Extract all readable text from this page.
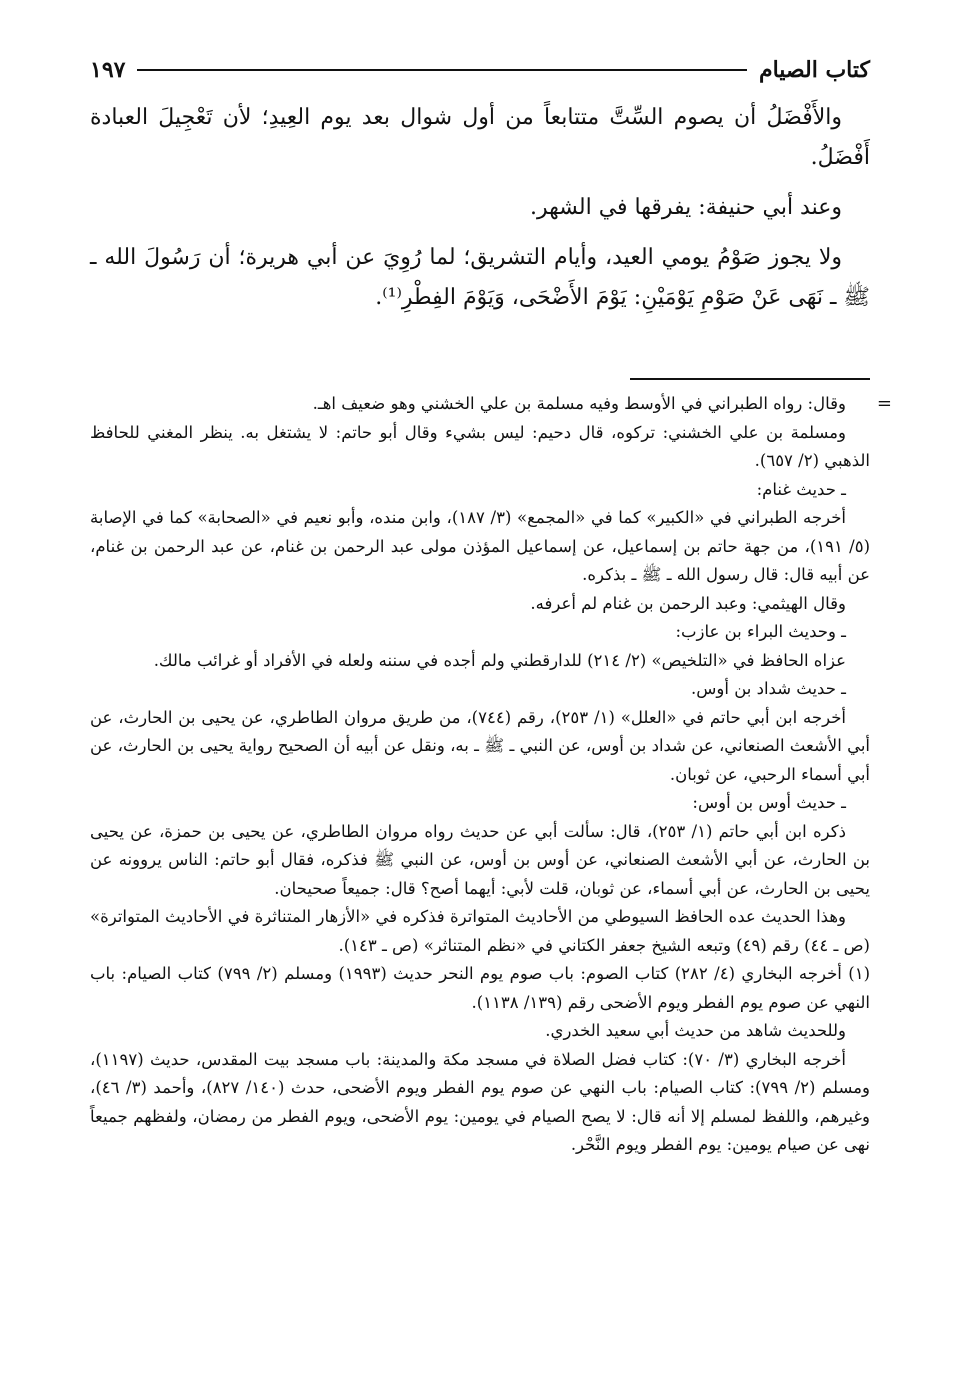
كتاب الصيام
١٩٧

والأَفْضَلُ أن يصوم السِّتَّ متتابعاً من أول شوال بعد يوم العِيدِ؛ لأن تَعْجِيلَ العبادة أَفْضَلُ.

وعند أبي حنيفة: يفرقها في الشهر.

ولا يجوز صَوْمُ يومي العيد، وأيام التشريق؛ لما رُوِيَ عن أبي هريرة؛ أن رَسُولَ الله ـ ﷺ ـ نَهَى عَنْ صَوْمِ يَوْمَيْنِ: يَوْمَ الأَضْحَى، وَيَوْمَ الفِطْرِ⁽¹⁾.

=

وقال: رواه الطبراني في الأوسط وفيه مسلمة بن علي الخشني وهو ضعيف اهـ.

ومسلمة بن علي الخشني: تركوه، قال دحيم: ليس بشيء وقال أبو حاتم: لا يشتغل به. ينظر المغني للحافظ الذهبي (٢/ ٦٥٧).

ـ حديث غنام:

أخرجه الطبراني في «الكبير» كما في «المجمع» (٣/ ١٨٧)، وابن منده، وأبو نعيم في «الصحابة» كما في الإصابة (٥/ ١٩١)، من جهة حاتم بن إسماعيل، عن إسماعيل المؤذن مولى عبد الرحمن بن غنام، عن عبد الرحمن بن غنام، عن أبيه قال: قال رسول الله ـ ﷺ ـ بذكره.

وقال الهيثمي: وعبد الرحمن بن غنام لم أعرفه.

ـ وحديث البراء بن عازب:

عزاه الحافظ في «التلخيص» (٢/ ٢١٤) للدارقطني ولم أجده في سننه ولعله في الأفراد أو غرائب مالك.

ـ حديث شداد بن أوس.

أخرجه ابن أبي حاتم في «العلل» (١/ ٢٥٣)، رقم (٧٤٤)، من طريق مروان الطاطري، عن يحيى بن الحارث، عن أبي الأشعث الصنعاني، عن شداد بن أوس، عن النبي ـ ﷺ ـ به، ونقل عن أبيه أن الصحيح رواية يحيى بن الحارث، عن أبي أسماء الرحبي، عن ثوبان.

ـ حديث أوس بن أوس:

ذكره ابن أبي حاتم (١/ ٢٥٣)، قال: سألت أبي عن حديث رواه مروان الطاطري، عن يحيى بن حمزة، عن يحيى بن الحارث، عن أبي الأشعث الصنعاني، عن أوس بن أوس، عن النبي ﷺ فذكره، فقال أبو حاتم: الناس يروونه عن يحيى بن الحارث، عن أبي أسماء، عن ثوبان، قلت لأبي: أيهما أصح؟ قال: جميعاً صحيحان.

وهذا الحديث عده الحافظ السيوطي من الأحاديث المتواترة فذكره في «الأزهار المتناثرة في الأحاديث المتواترة» (ص ـ ٤٤) رقم (٤٩) وتبعه الشيخ جعفر الكتاني في «نظم المتناثر» (ص ـ ١٤٣).

(١) أخرجه البخاري (٤/ ٢٨٢) كتاب الصوم: باب صوم يوم النحر حديث (١٩٩٣) ومسلم (٢/ ٧٩٩) كتاب الصيام: باب النهي عن صوم يوم الفطر ويوم الأضحى رقم (١٣٩/ ١١٣٨).

وللحديث شاهد من حديث أبي سعيد الخدري.

أخرجه البخاري (٣/ ٧٠): كتاب فضل الصلاة في مسجد مكة والمدينة: باب مسجد بيت المقدس، حديث (١١٩٧)، ومسلم (٢/ ٧٩٩): كتاب الصيام: باب النهي عن صوم يوم الفطر ويوم الأضحى، حدث (١٤٠/ ٨٢٧)، وأحمد (٣/ ٤٦)، وغيرهم، واللفظ لمسلم إلا أنه قال: لا يصح الصيام في يومين: يوم الأضحى، ويوم الفطر من رمضان، ولفظهم جميعاً نهى عن صيام يومين: يوم الفطر ويوم النَّحْر.
